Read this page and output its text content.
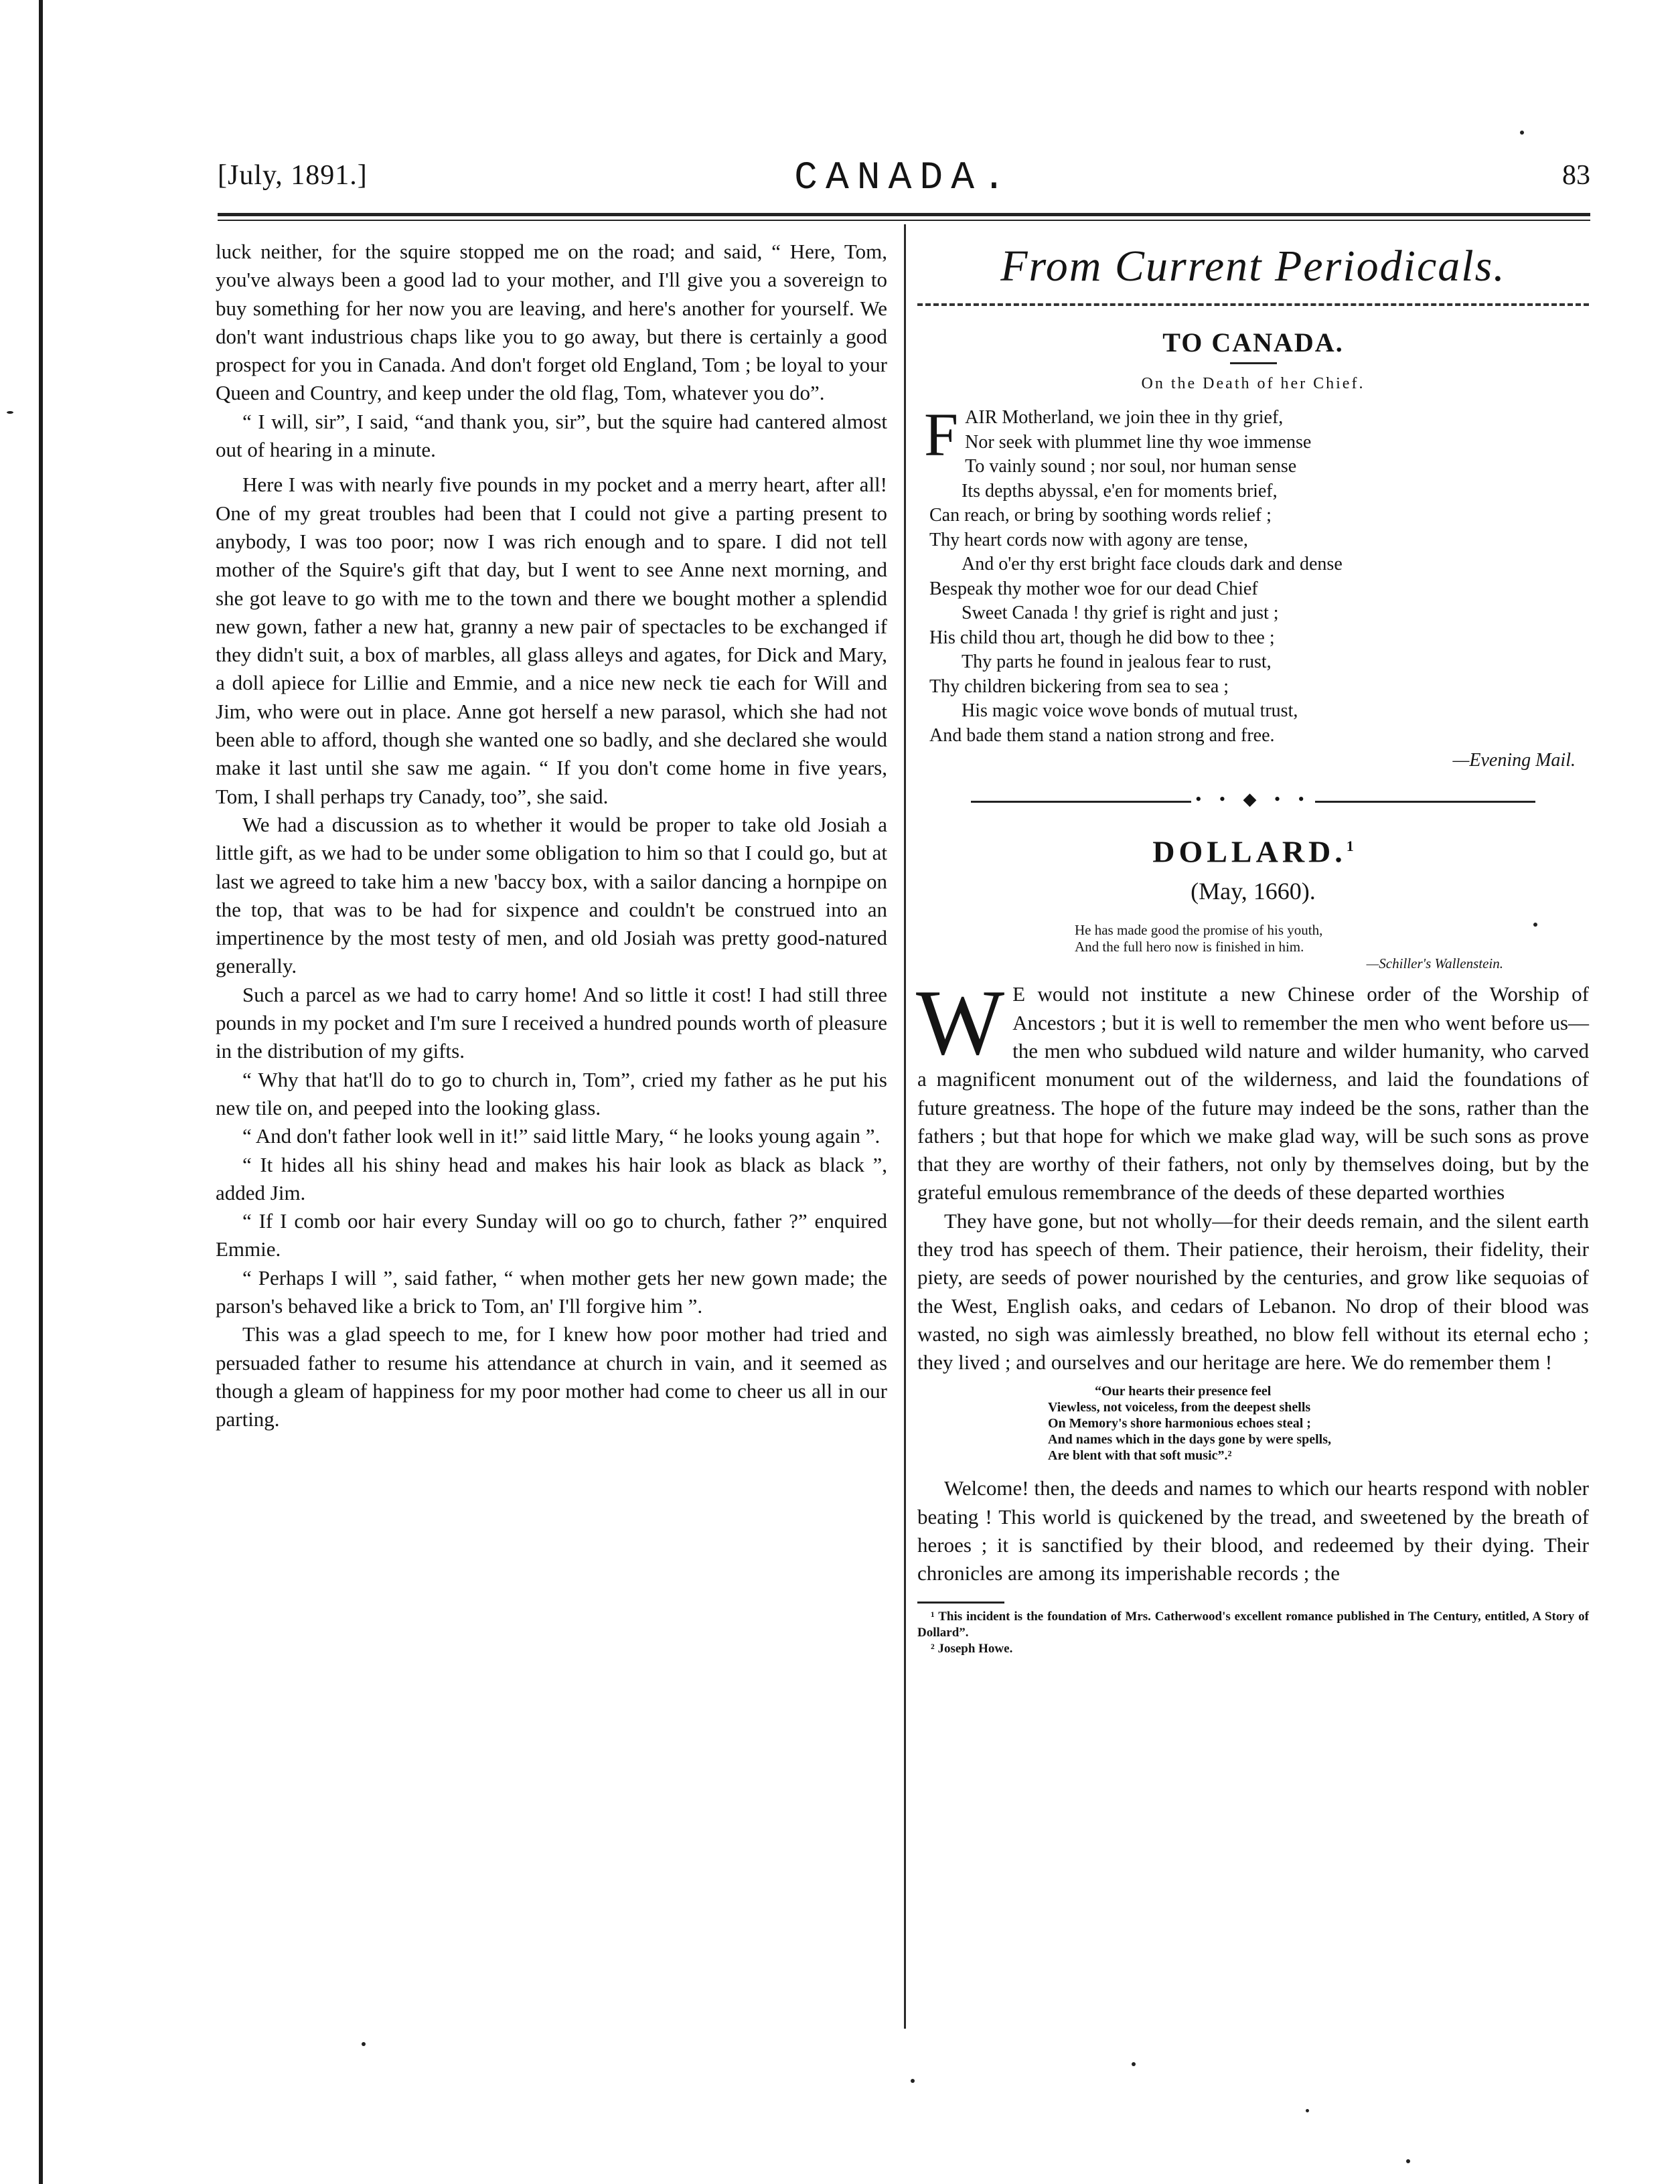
[July, 1891.]	CANADA.	83

luck neither, for the squire stopped me on the road; and said, “ Here, Tom, you've always been a good lad to your mother, and I'll give you a sovereign to buy something for her now you are leaving, and here's another for yourself. We don't want industrious chaps like you to go away, but there is certainly a good prospect for you in Canada. And don't forget old England, Tom ; be loyal to your Queen and Country, and keep under the old flag, Tom, whatever you do”.

“ I will, sir”, I said, “and thank you, sir”, but the squire had cantered almost out of hearing in a minute.

Here I was with nearly five pounds in my pocket and a merry heart, after all! One of my great troubles had been that I could not give a parting present to anybody, I was too poor; now I was rich enough and to spare. I did not tell mother of the Squire's gift that day, but I went to see Anne next morning, and she got leave to go with me to the town and there we bought mother a splendid new gown, father a new hat, granny a new pair of spectacles to be exchanged if they didn't suit, a box of marbles, all glass alleys and agates, for Dick and Mary, a doll apiece for Lillie and Emmie, and a nice new neck tie each for Will and Jim, who were out in place. Anne got herself a new parasol, which she had not been able to afford, though she wanted one so badly, and she declared she would make it last until she saw me again. “ If you don't come home in five years, Tom, I shall perhaps try Canady, too”, she said.

We had a discussion as to whether it would be proper to take old Josiah a little gift, as we had to be under some obligation to him so that I could go, but at last we agreed to take him a new 'baccy box, with a sailor dancing a hornpipe on the top, that was to be had for sixpence and couldn't be construed into an impertinence by the most testy of men, and old Josiah was pretty good-natured generally.

Such a parcel as we had to carry home! And so little it cost! I had still three pounds in my pocket and I'm sure I received a hundred pounds worth of pleasure in the distribution of my gifts.

“ Why that hat'll do to go to church in, Tom”, cried my father as he put his new tile on, and peeped into the looking glass.

“ And don't father look well in it!” said little Mary, “ he looks young again ”.

“ It hides all his shiny head and makes his hair look as black as black ”, added Jim.

“ If I comb oor hair every Sunday will oo go to church, father ?” enquired Emmie.

“ Perhaps I will ”, said father, “ when mother gets her new gown made; the parson's behaved like a brick to Tom, an' I'll forgive him ”.

This was a glad speech to me, for I knew how poor mother had tried and persuaded father to resume his attendance at church in vain, and it seemed as though a gleam of happiness for my poor mother had come to cheer us all in our parting.

From Current Periodicals.
TO CANADA.
On the Death of her Chief.
F AIR Motherland, we join thee in thy grief,
Nor seek with plummet line thy woe immense
To vainly sound ; nor soul, nor human sense
Its depths abyssal, e'en for moments brief,
Can reach, or bring by soothing words relief ;
Thy heart cords now with agony are tense,
And o'er thy erst bright face clouds dark and dense
Bespeak thy mother woe for our dead Chief
Sweet Canada ! thy grief is right and just ;
His child thou art, though he did bow to thee ;
Thy parts he found in jealous fear to rust,
Thy children bickering from sea to sea ;
His magic voice wove bonds of mutual trust,
And bade them stand a nation strong and free.
—Evening Mail.
• • ◆ • •
DOLLARD.$^1$
(May, 1660).
He has made good the promise of his youth,
And the full hero now is finished in him.
—Schiller's Wallenstein.

W E would not institute a new Chinese order of the Worship of Ancestors ; but it is well to remember the men who went before us—the men who subdued wild nature and wilder humanity, who carved a magnificent monument out of the wilderness, and laid the foundations of future greatness. The hope of the future may indeed be the sons, rather than the fathers ; but that hope for which we make glad way, will be such sons as prove that they are worthy of their fathers, not only by themselves doing, but by the grateful emulous remembrance of the deeds of these departed worthies

They have gone, but not wholly—for their deeds remain, and the silent earth they trod has speech of them. Their patience, their heroism, their fidelity, their piety, are seeds of power nourished by the centuries, and grow like sequoias of the West, English oaks, and cedars of Lebanon. No drop of their blood was wasted, no sigh was aimlessly breathed, no blow fell without its eternal echo ; they lived ; and ourselves and our heritage are here. We do remember them !

“Our hearts their presence feel
Viewless, not voiceless, from the deepest shells
On Memory's shore harmonious echoes steal ;
And names which in the days gone by were spells,
Are blent with that soft music”.²

Welcome! then, the deeds and names to which our hearts respond with nobler beating ! This world is quickened by the tread, and sweetened by the breath of heroes ; it is sanctified by their blood, and redeemed by their dying. Their chronicles are among its imperishable records ; the

¹ This incident is the foundation of Mrs. Catherwood's excellent romance published in The Century, entitled, A Story of Dollard”.
² Joseph Howe.
